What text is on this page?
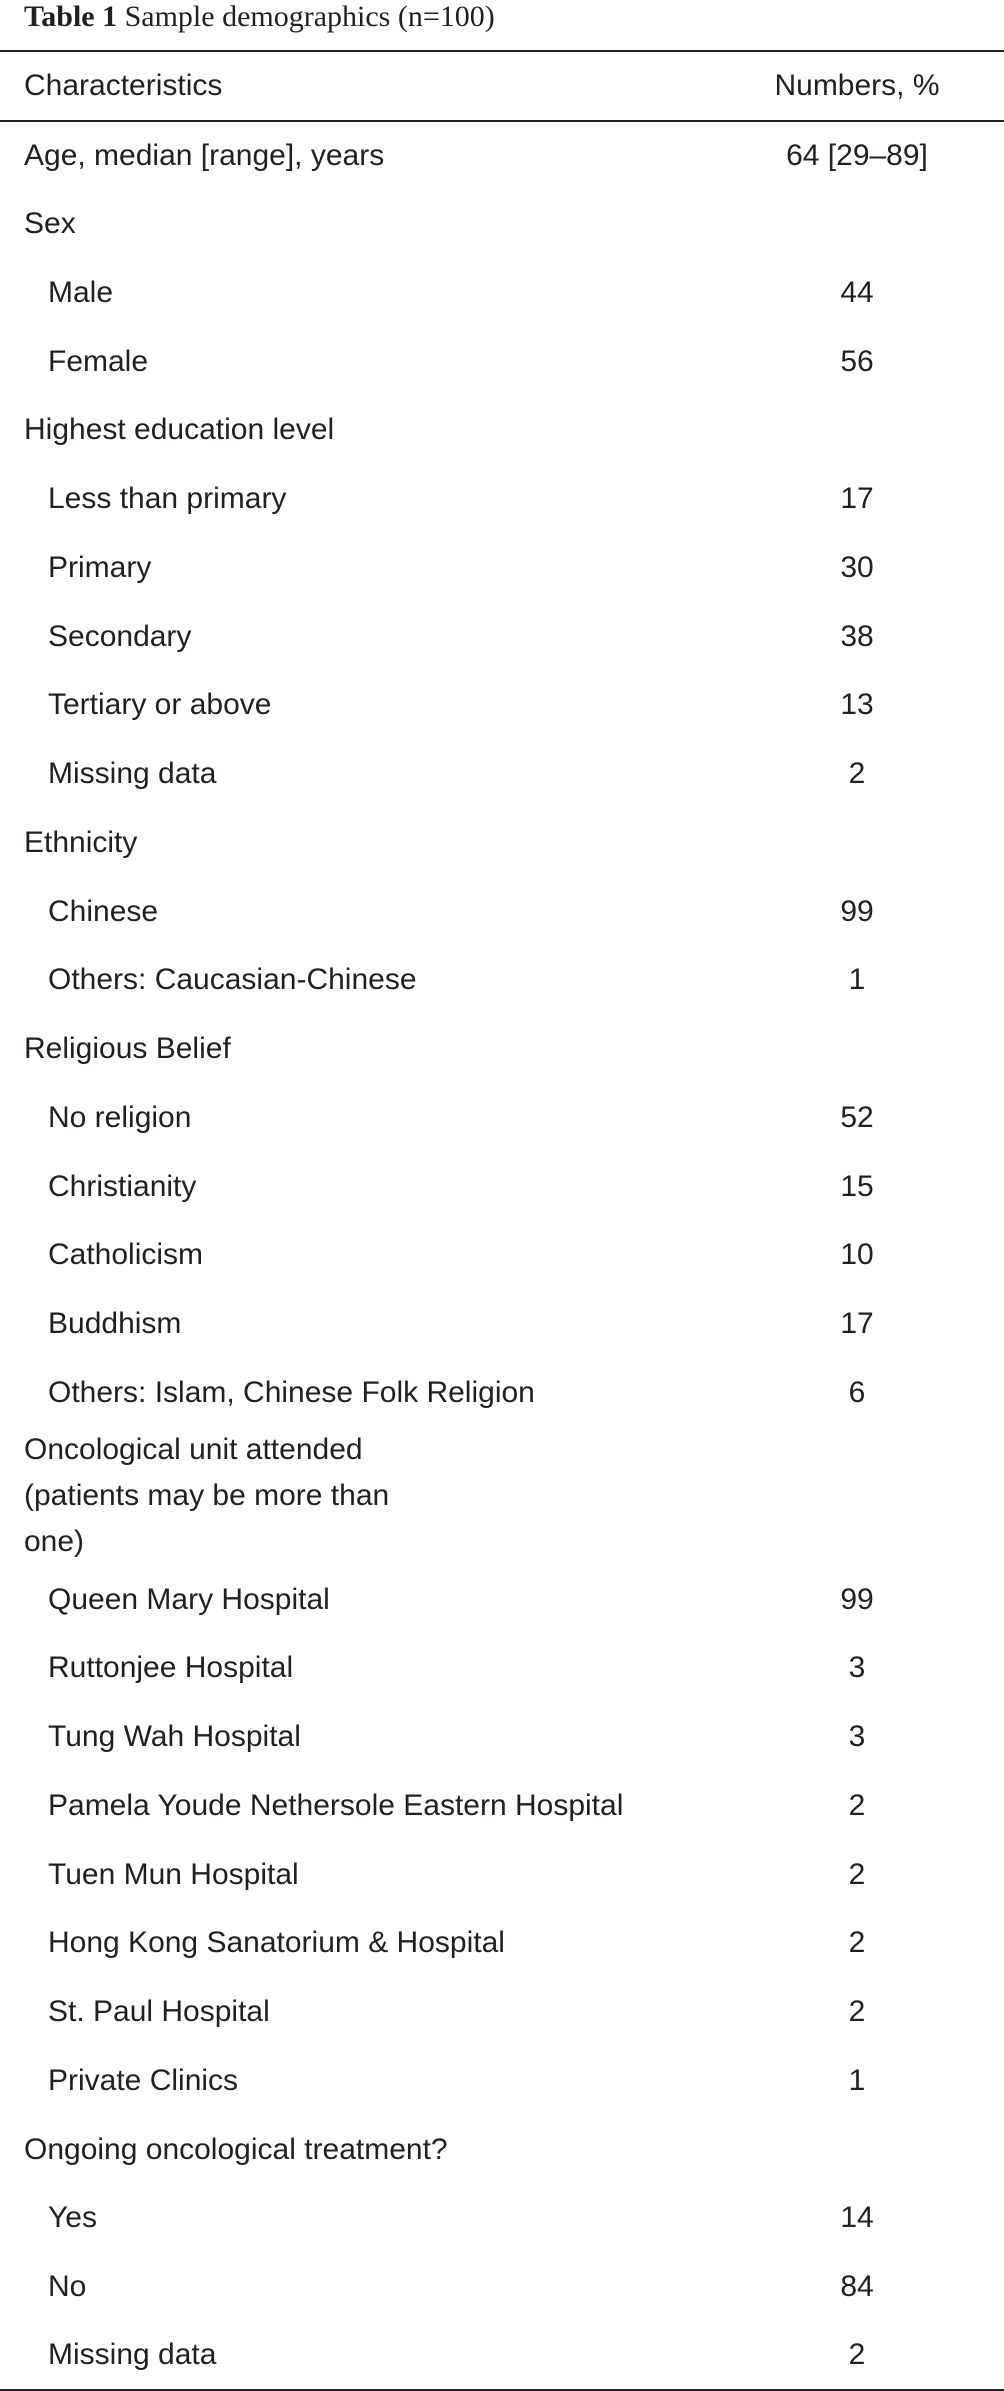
Table 1 Sample demographics (n=100)
Characteristics	Numbers, %
Age, median [range], years	64 [29–89]
Sex	
Male	44
Female	56
Highest education level	
Less than primary	17
Primary	30
Secondary	38
Tertiary or above	13
Missing data	2
Ethnicity	
Chinese	99
Others: Caucasian-Chinese	1
Religious Belief	
No religion	52
Christianity	15
Catholicism	10
Buddhism	17
Others: Islam, Chinese Folk Religion	6
Oncological unit attended (patients may be more than one)	
Queen Mary Hospital	99
Ruttonjee Hospital	3
Tung Wah Hospital	3
Pamela Youde Nethersole Eastern Hospital	2
Tuen Mun Hospital	2
Hong Kong Sanatorium & Hospital	2
St. Paul Hospital	2
Private Clinics	1
Ongoing oncological treatment?	
Yes	14
No	84
Missing data	2
